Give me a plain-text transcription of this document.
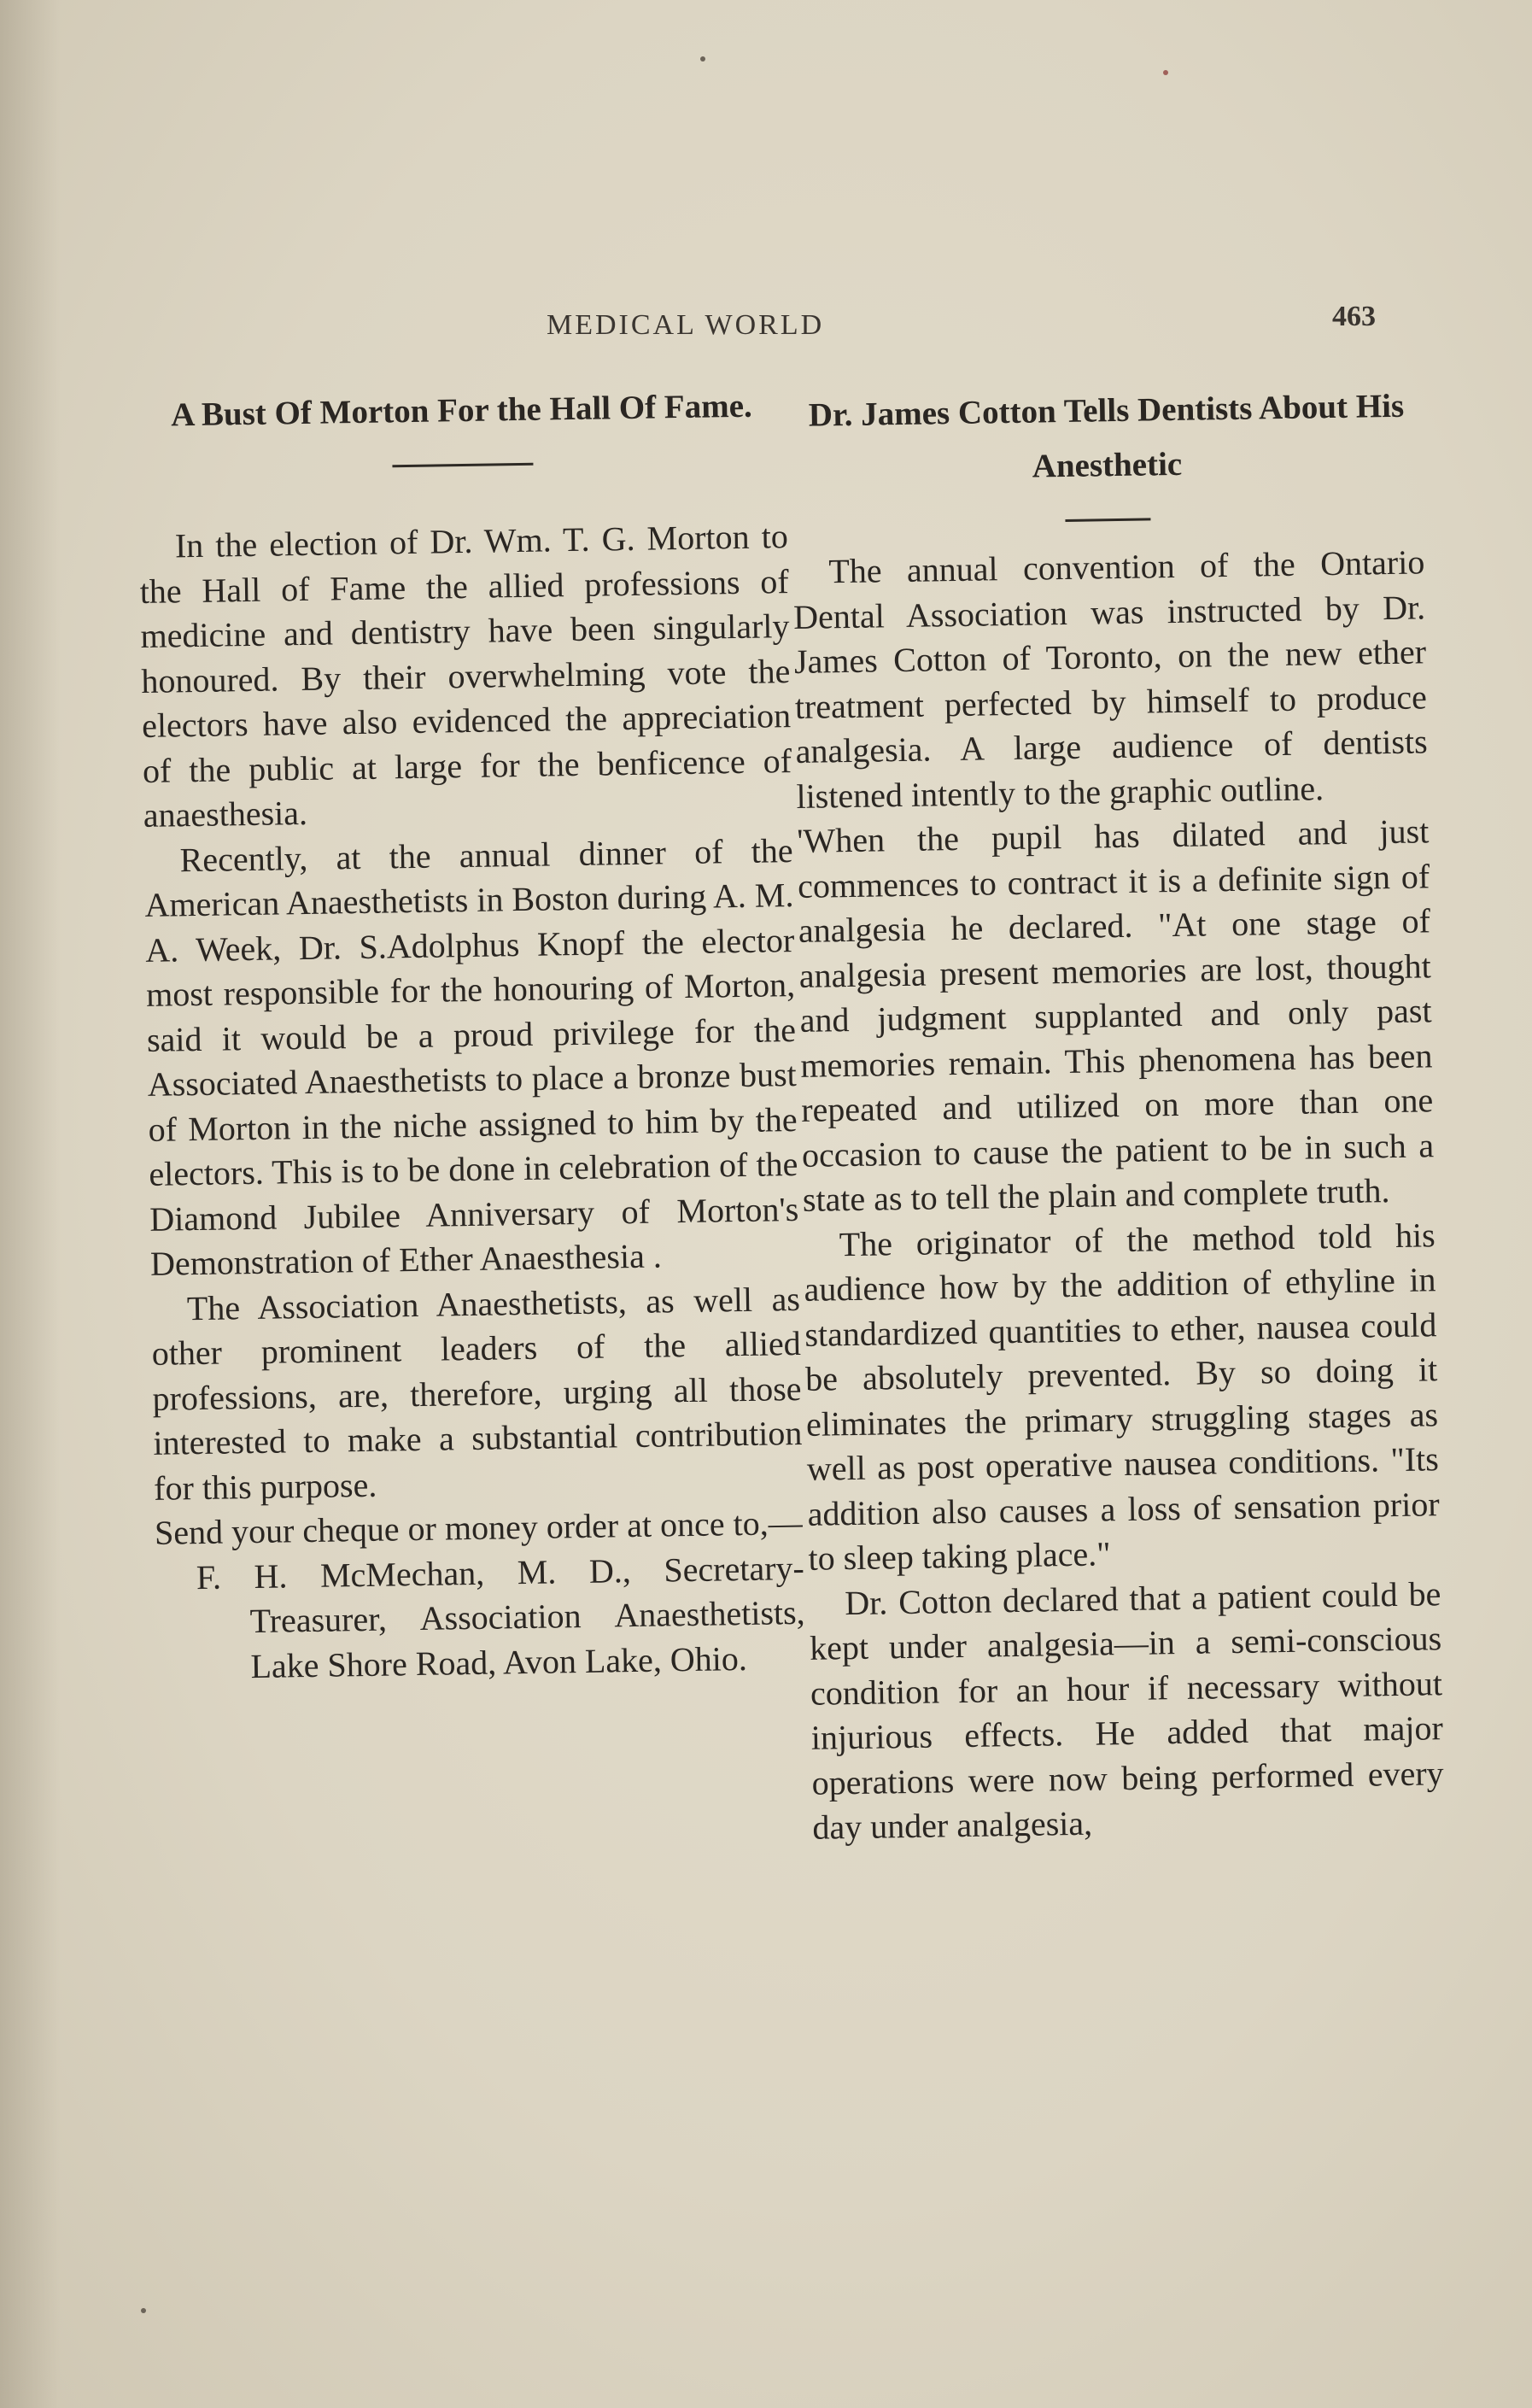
MEDICAL WORLD	463
A Bust Of Morton For the Hall Of Fame.

In the election of Dr. Wm. T. G. Morton to the Hall of Fame the allied professions of medicine and dentistry have been singularly honoured. By their overwhelming vote the electors have also evidenced the appreciation of the public at large for the benficence of anaesthesia.

Recently, at the annual dinner of the American Anaesthetists in Boston during A. M. A. Week, Dr. S.Adolphus Knopf the elector most responsible for the honouring of Morton, said it would be a proud privilege for the Associated Anaesthetists to place a bronze bust of Morton in the niche assigned to him by the electors. This is to be done in celebration of the Diamond Jubilee Anniversary of Morton's Demonstration of Ether Anaesthesia .

The Association Anaesthetists, as well as other prominent leaders of the allied professions, are, therefore, urging all those interested to make a substantial contribution for this purpose.

Send your cheque or money order at once to,—

F. H. McMechan, M. D., Secretary-Treasurer, Association Anaesthetists, Lake Shore Road, Avon Lake, Ohio.

Dr. James Cotton Tells Dentists About His Anesthetic

The annual convention of the Ontario Dental Association was instructed by Dr. James Cotton of Toronto, on the new ether treatment perfected by himself to produce analgesia. A large audience of dentists listened intently to the graphic outline.

'When the pupil has dilated and just commences to contract it is a definite sign of analgesia he declared. "At one stage of analgesia present memories are lost, thought and judgment supplanted and only past memories remain. This phenomena has been repeated and utilized on more than one occasion to cause the patient to be in such a state as to tell the plain and complete truth.

The originator of the method told his audience how by the addition of ethyline in standardized quantities to ether, nausea could be absolutely prevented. By so doing it eliminates the primary struggling stages as well as post operative nausea conditions. "Its addition also causes a loss of sensation prior to sleep taking place."

Dr. Cotton declared that a patient could be kept under analgesia—in a semi-conscious condition for an hour if necessary without injurious effects. He added that major operations were now being performed every day under analgesia,
